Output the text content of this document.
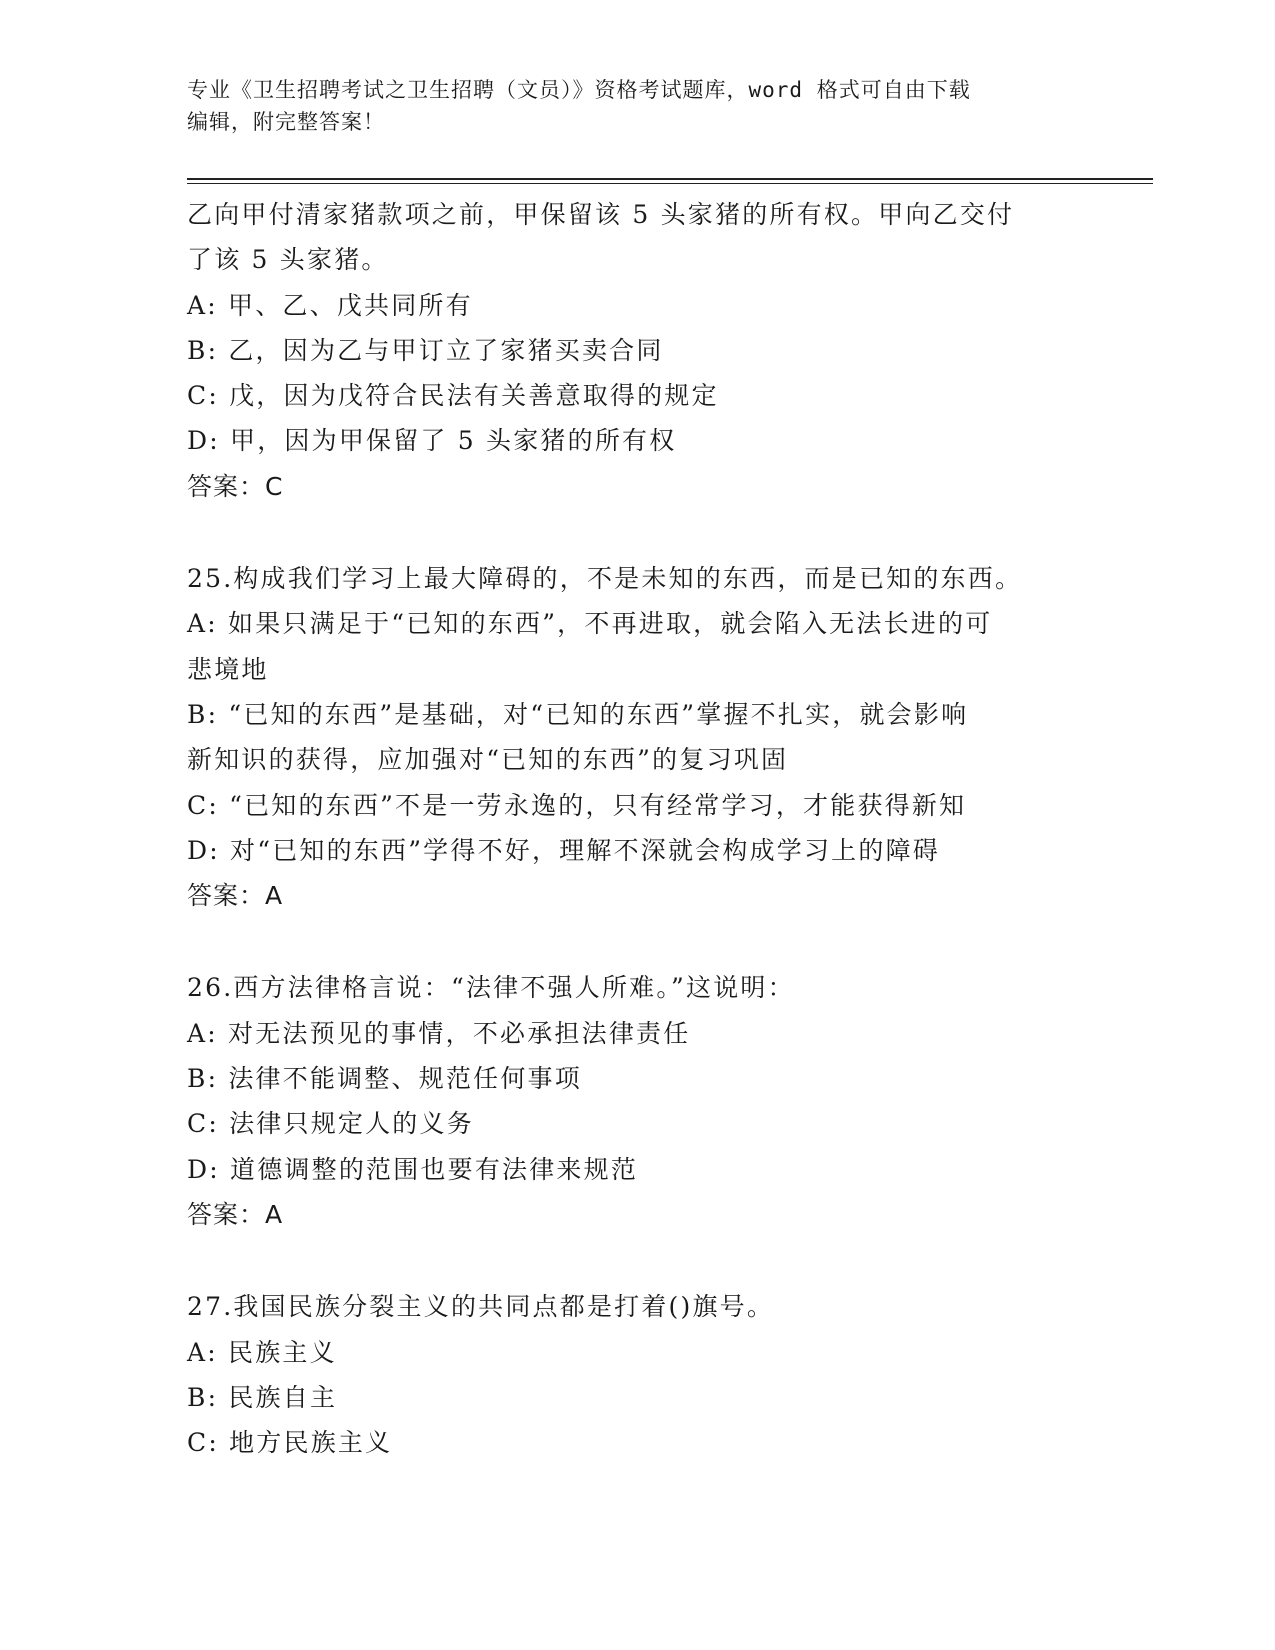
专业《卫生招聘考试之卫生招聘（文员）》资格考试题库，word 格式可自由下载
编辑，附完整答案！
乙向甲付清家猪款项之前，甲保留该 5 头家猪的所有权。甲向乙交付
了该 5 头家猪。
A: 甲、乙、戊共同所有
B: 乙，因为乙与甲订立了家猪买卖合同
C: 戊，因为戊符合民法有关善意取得的规定
D: 甲，因为甲保留了 5 头家猪的所有权
答案：C
25.构成我们学习上最大障碍的，不是未知的东西，而是已知的东西。
A: 如果只满足于“已知的东西”，不再进取，就会陷入无法长进的可
悲境地
B: “已知的东西”是基础，对“已知的东西”掌握不扎实，就会影响
新知识的获得，应加强对“已知的东西”的复习巩固
C: “已知的东西”不是一劳永逸的，只有经常学习，才能获得新知
D: 对“已知的东西”学得不好，理解不深就会构成学习上的障碍
答案：A
26.西方法律格言说：“法律不强人所难。”这说明：
A: 对无法预见的事情，不必承担法律责任
B: 法律不能调整、规范任何事项
C: 法律只规定人的义务
D: 道德调整的范围也要有法律来规范
答案：A
27.我国民族分裂主义的共同点都是打着()旗号。
A: 民族主义
B: 民族自主
C: 地方民族主义
